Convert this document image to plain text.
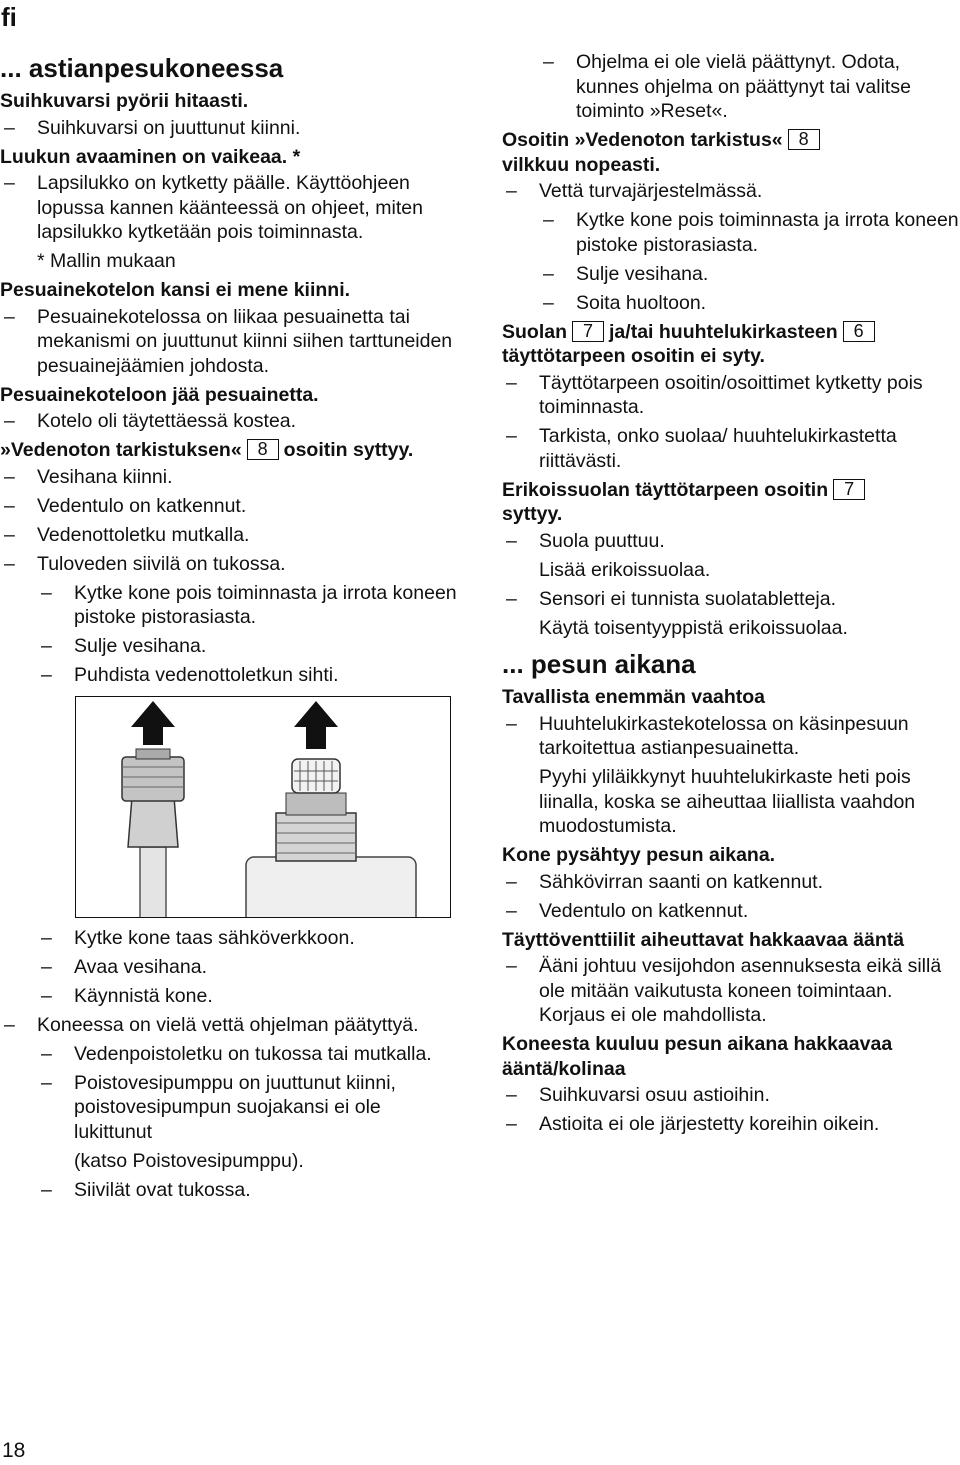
fi
... astianpesukoneessa
Suihkuvarsi pyörii hitaasti.
– Suihkuvarsi on juuttunut kiinni.
Luukun avaaminen on vaikeaa. *
– Lapsilukko on kytketty päälle. Käyttöohjeen lopussa kannen käänteessä on ohjeet, miten lapsilukko kytketään pois toiminnasta.
* Mallin mukaan
Pesuainekotelon kansi ei mene kiinni.
– Pesuainekotelossa on liikaa pesuainetta tai mekanismi on juuttunut kiinni siihen tarttuneiden pesuainejäämien johdosta.
Pesuainekoteloon jää pesuainetta.
– Kotelo oli täytettäessä kostea.
»Vedenoton tarkistuksen« 8 osoitin syttyy.
– Vesihana kiinni.
– Vedentulo on katkennut.
– Vedenottoletku mutkalla.
– Tuloveden siivilä on tukossa.
– Kytke kone pois toiminnasta ja irrota koneen pistoke pistorasiasta.
– Sulje vesihana.
– Puhdista vedenottoletkun sihti.
– Kytke kone taas sähköverkkoon.
– Avaa vesihana.
– Käynnistä kone.
– Koneessa on vielä vettä ohjelman päätyttyä.
– Vedenpoistoletku on tukossa tai mutkalla.
– Poistovesipumppu on juuttunut kiinni, poistovesipumpun suojakansi ei ole lukittunut
(katso Poistovesipumppu).
– Siivilät ovat tukossa.
– Ohjelma ei ole vielä päättynyt. Odota, kunnes ohjelma on päättynyt tai valitse toiminto »Reset«.
Osoitin »Vedenoton tarkistus« 8
vilkkuu nopeasti.
– Vettä turvajärjestelmässä.
– Kytke kone pois toiminnasta ja irrota koneen pistoke pistorasiasta.
– Sulje vesihana.
– Soita huoltoon.
Suolan 7 ja/tai huuhtelukirkasteen 6
täyttötarpeen osoitin ei syty.
– Täyttötarpeen osoitin/osoittimet kytketty pois toiminnasta.
– Tarkista, onko suolaa/ huuhtelukirkastetta riittävästi.
Erikoissuolan täyttötarpeen osoitin 7
syttyy.
– Suola puuttuu.
Lisää erikoissuolaa.
– Sensori ei tunnista suolatabletteja.
Käytä toisentyyppistä erikoissuolaa.
... pesun aikana
Tavallista enemmän vaahtoa
– Huuhtelukirkastekotelossa on käsinpesuun tarkoitettua astianpesuainetta.
Pyyhi yliläikkynyt huuhtelukirkaste heti pois liinalla, koska se aiheuttaa liiallista vaahdon muodostumista.
Kone pysähtyy pesun aikana.
– Sähkövirran saanti on katkennut.
– Vedentulo on katkennut.
Täyttöventtiilit aiheuttavat hakkaavaa ääntä
– Ääni johtuu vesijohdon asennuksesta eikä sillä ole mitään vaikutusta koneen toimintaan. Korjaus ei ole mahdollista.
Koneesta kuuluu pesun aikana hakkaavaa ääntä/kolinaa
– Suihkuvarsi osuu astioihin.
– Astioita ei ole järjestetty koreihin oikein.
18
